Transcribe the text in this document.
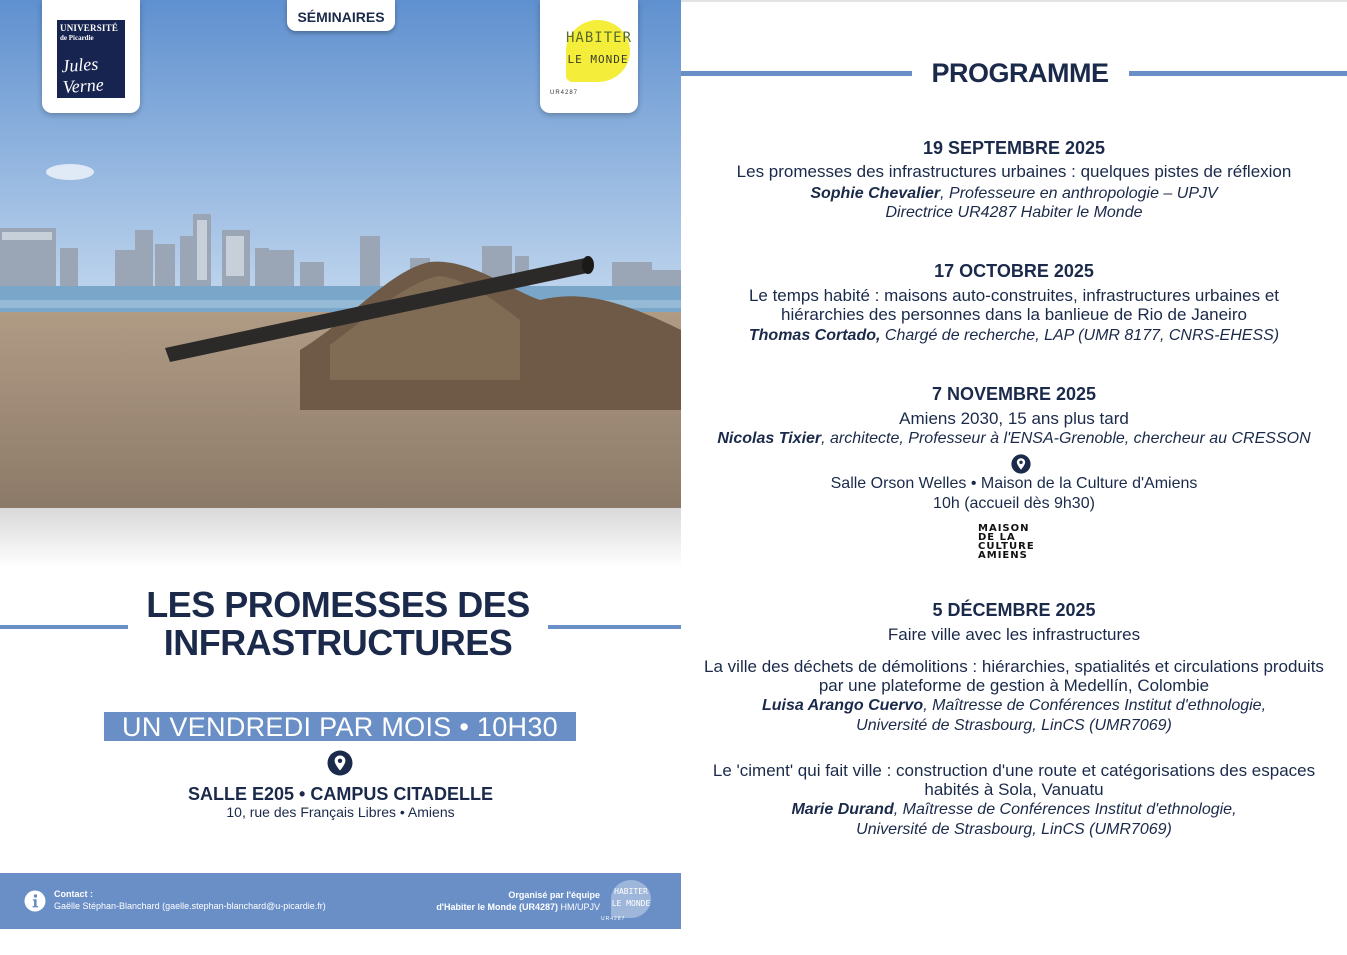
UNIVERSITÉ
de Picardie
Jules Verne
SÉMINAIRES
HABITER
LE MONDE
UR4287
LES PROMESSES DES
INFRASTRUCTURES
UN VENDREDI PAR MOIS • 10H30
SALLE E205 • CAMPUS CITADELLE
10, rue des Français Libres • Amiens
Contact :
Gaëlle Stéphan-Blanchard (gaelle.stephan-blanchard@u-picardie.fr)
Organisé par l'équipe
d'Habiter le Monde (UR4287) HM/UPJV
HABITER
LE MONDE
UR4287
PROGRAMME
19 SEPTEMBRE 2025
Les promesses des infrastructures urbaines : quelques pistes de réflexion
Sophie Chevalier, Professeure en anthropologie – UPJV
Directrice UR4287 Habiter le Monde
17 OCTOBRE 2025
Le temps habité : maisons auto-construites, infrastructures urbaines et hiérarchies des personnes dans la banlieue de Rio de Janeiro
Thomas Cortado, Chargé de recherche, LAP (UMR 8177, CNRS-EHESS)
7 NOVEMBRE 2025
Amiens 2030, 15 ans plus tard
Nicolas Tixier, architecte, Professeur à l'ENSA-Grenoble, chercheur au CRESSON
Salle Orson Welles • Maison de la Culture d'Amiens
10h (accueil dès 9h30)
MAISON
DE LA
CULTURE
AMIENS
5 DÉCEMBRE 2025
Faire ville avec les infrastructures
La ville des déchets de démolitions : hiérarchies, spatialités et circulations produits par une plateforme de gestion à Medellín, Colombie
Luisa Arango Cuervo, Maîtresse de Conférences Institut d'ethnologie,
Université de Strasbourg, LinCS (UMR7069)
Le 'ciment' qui fait ville : construction d'une route et catégorisations des espaces habités à Sola, Vanuatu
Marie Durand, Maîtresse de Conférences Institut d'ethnologie,
Université de Strasbourg, LinCS (UMR7069)
